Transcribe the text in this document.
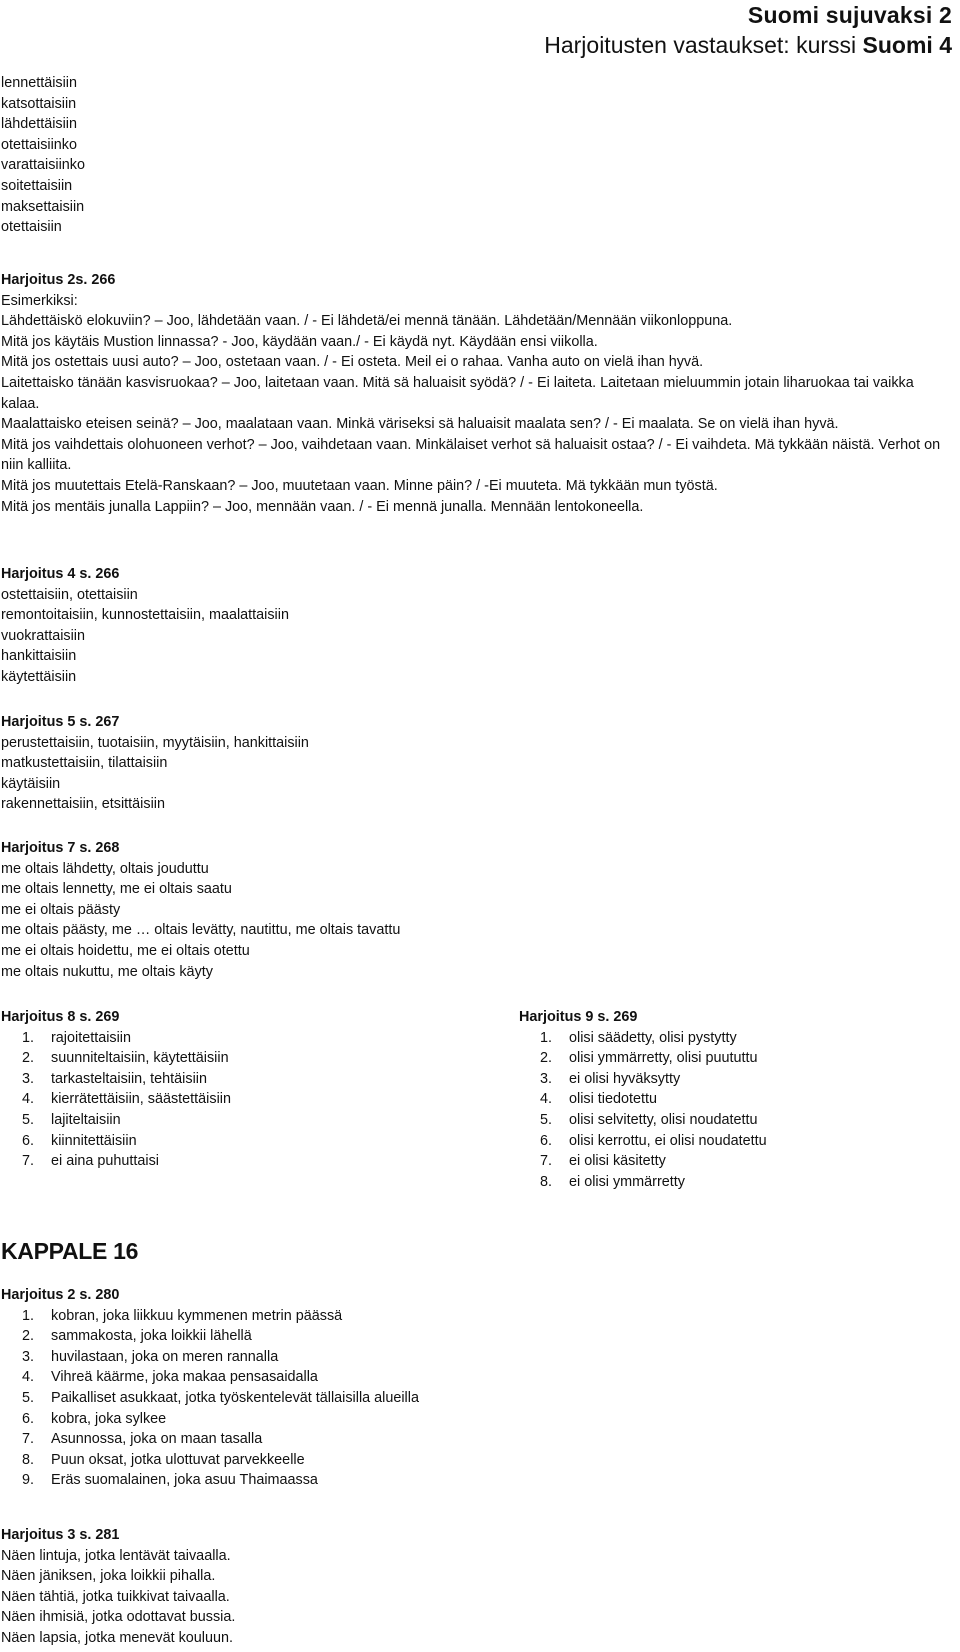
Suomi sujuvaksi 2
Harjoitusten vastaukset: kurssi Suomi 4
lennettäisiin
katsottaisiin
lähdettäisiin
otettaisiinko
varattaisiinko
soitettaisiin
maksettaisiin
otettaisiin
Harjoitus 2s. 266
Esimerkiksi:
Lähdettäiskö elokuviin? – Joo, lähdetään vaan. / - Ei lähdetä/ei mennä tänään. Lähdetään/Mennään viikonloppuna.
Mitä jos käytäis Mustion linnassa? - Joo, käydään vaan./ - Ei käydä nyt. Käydään ensi viikolla.
Mitä jos ostettais uusi auto? – Joo, ostetaan vaan. / - Ei osteta. Meil ei o rahaa. Vanha auto on vielä ihan hyvä.
Laitettaisko tänään kasvisruokaa? – Joo, laitetaan vaan. Mitä sä haluaisit syödä? / - Ei laiteta. Laitetaan mieluummin jotain liharuokaa tai vaikka kalaa.
Maalattaisko eteisen seinä? – Joo, maalataan vaan. Minkä väriseksi sä haluaisit maalata sen? / - Ei maalata. Se on vielä ihan hyvä.
Mitä jos vaihdettais olohuoneen verhot? – Joo, vaihdetaan vaan. Minkälaiset verhot sä haluaisit ostaa? / - Ei vaihdeta. Mä tykkään näistä. Verhot on niin kalliita.
Mitä jos muutettais Etelä-Ranskaan? – Joo, muutetaan vaan. Minne päin? / -Ei muuteta. Mä tykkään mun työstä.
Mitä jos mentäis junalla Lappiin? – Joo, mennään vaan. / - Ei mennä junalla. Mennään lentokoneella.
Harjoitus 4 s. 266
ostettaisiin, otettaisiin
remontoitaisiin, kunnostettaisiin, maalattaisiin
vuokrattaisiin
hankittaisiin
käytettäisiin
Harjoitus 5 s. 267
perustettaisiin, tuotaisiin, myytäisiin, hankittaisiin
matkustettaisiin, tilattaisiin
käytäisiin
rakennettaisiin, etsittäisiin
Harjoitus 7 s. 268
me oltais lähdetty, oltais jouduttu
me oltais lennetty, me ei oltais saatu
me ei oltais päästy
me oltais päästy, me … oltais levätty, nautittu, me oltais tavattu
me ei oltais hoidettu, me ei oltais otettu
me oltais nukuttu, me oltais käyty
Harjoitus 8 s. 269
1. rajoitettaisiin
2. suunniteltaisiin, käytettäisiin
3. tarkasteltaisiin, tehtäisiin
4. kierrätettäisiin, säästettäisiin
5. lajiteltaisiin
6. kiinnitettäisiin
7. ei aina puhuttaisi
Harjoitus 9 s. 269
1. olisi säädetty, olisi pystytty
2. olisi ymmärretty, olisi puututtu
3. ei olisi hyväksytty
4. olisi tiedotettu
5. olisi selvitetty, olisi noudatettu
6. olisi kerrottu, ei olisi noudatettu
7. ei olisi käsitetty
8. ei olisi ymmärretty
KAPPALE 16
Harjoitus 2 s. 280
1. kobran, joka liikkuu kymmenen metrin päässä
2. sammakosta, joka loikkii lähellä
3. huvilastaan, joka on meren rannalla
4. Vihreä käärme, joka makaa pensasaidalla
5. Paikalliset asukkaat, jotka työskentelevät tällaisilla alueilla
6. kobra, joka sylkee
7. Asunnossa, joka on maan tasalla
8. Puun oksat, jotka ulottuvat parvekkeelle
9. Eräs suomalainen, joka asuu Thaimaassa
Harjoitus 3 s. 281
Näen lintuja, jotka lentävät taivaalla.
Näen jäniksen, joka loikkii pihalla.
Näen tähtiä, jotka tuikkivat taivaalla.
Näen ihmisiä, jotka odottavat bussia.
Näen lapsia, jotka menevät kouluun.
